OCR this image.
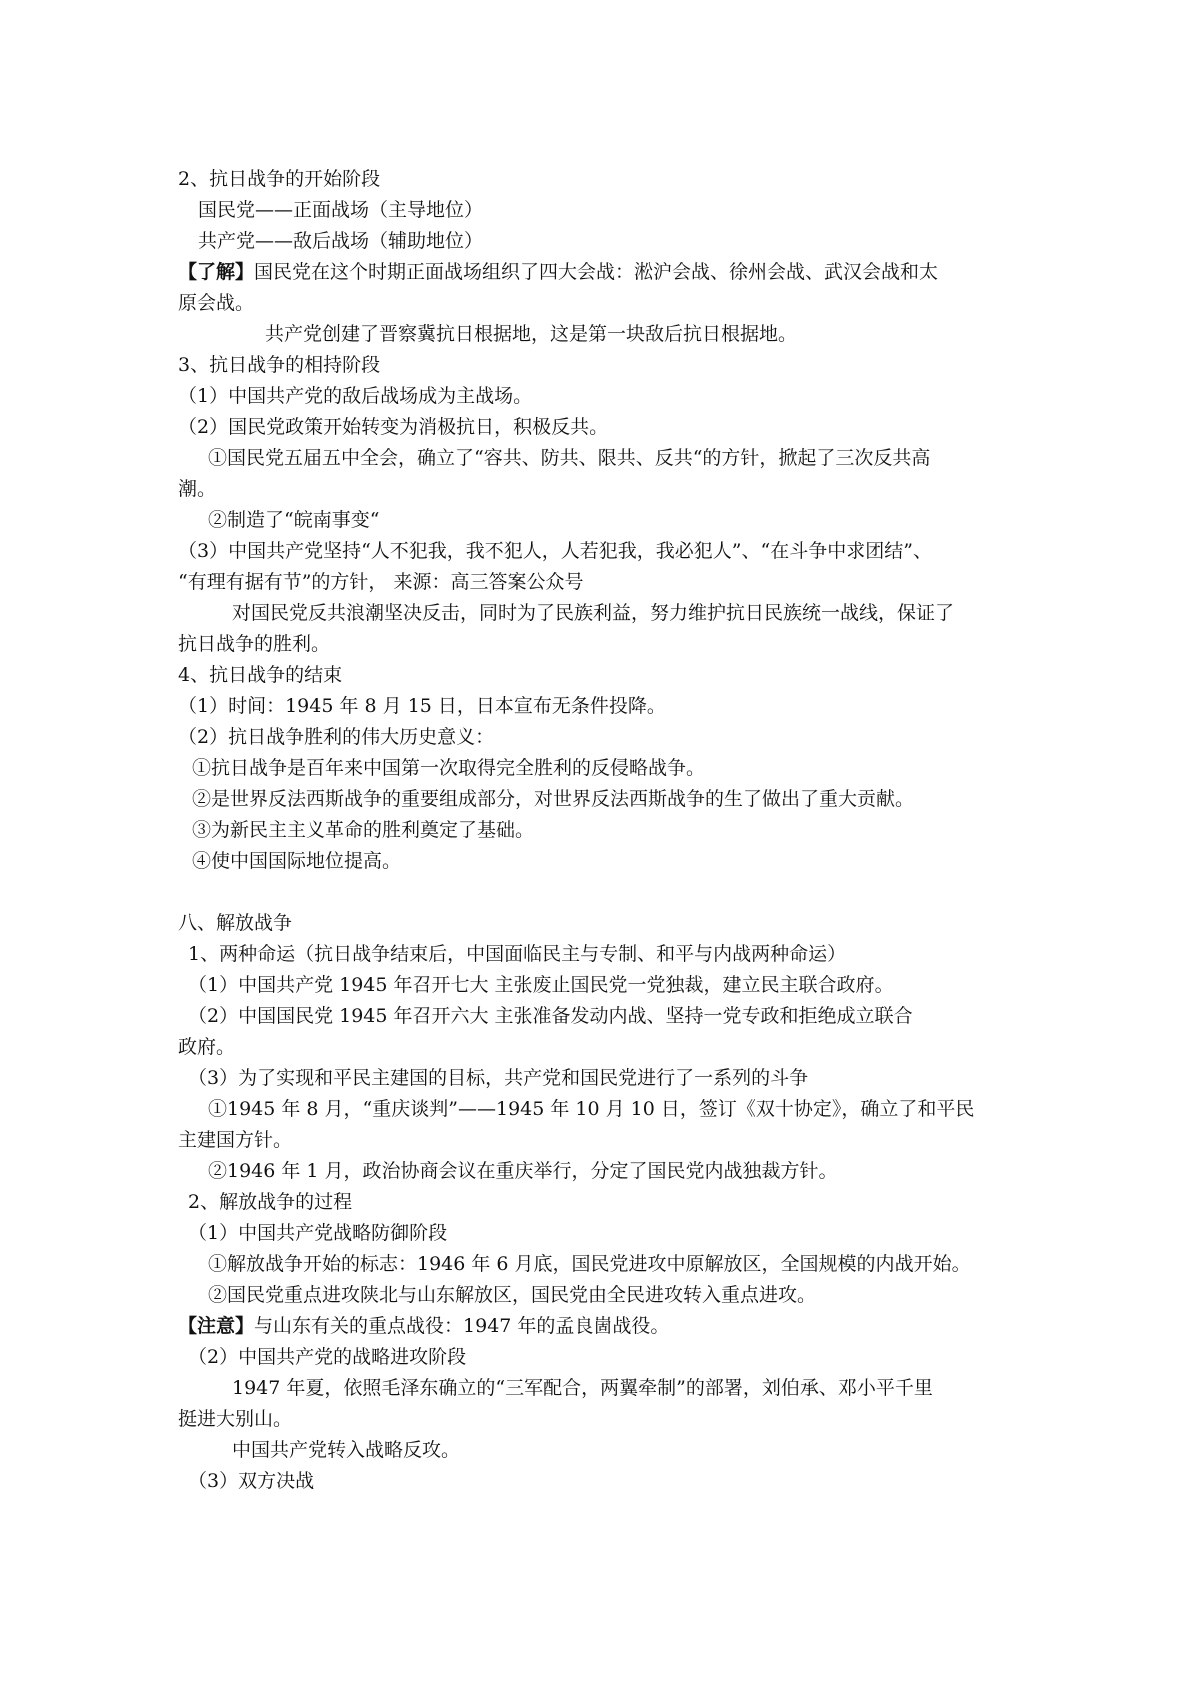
2、抗日战争的开始阶段
国民党——正面战场（主导地位）
共产党——敌后战场（辅助地位）
【了解】国民党在这个时期正面战场组织了四大会战：淞沪会战、徐州会战、武汉会战和太
原会战。
共产党创建了晋察冀抗日根据地，这是第一块敌后抗日根据地。
3、抗日战争的相持阶段
（1）中国共产党的敌后战场成为主战场。
（2）国民党政策开始转变为消极抗日，积极反共。
①国民党五届五中全会，确立了“容共、防共、限共、反共“的方针，掀起了三次反共高
潮。
②制造了“皖南事变“
（3）中国共产党坚持“人不犯我，我不犯人，人若犯我，我必犯人”、“在斗争中求团结”、
“有理有据有节”的方针， 来源：高三答案公众号
对国民党反共浪潮坚决反击，同时为了民族利益，努力维护抗日民族统一战线，保证了
抗日战争的胜利。
4、抗日战争的结束
（1）时间：1945 年 8 月 15 日，日本宣布无条件投降。
（2）抗日战争胜利的伟大历史意义：
①抗日战争是百年来中国第一次取得完全胜利的反侵略战争。
②是世界反法西斯战争的重要组成部分，对世界反法西斯战争的生了做出了重大贡献。
③为新民主主义革命的胜利奠定了基础。
④使中国国际地位提高。
八、解放战争
1、两种命运（抗日战争结束后，中国面临民主与专制、和平与内战两种命运）
（1）中国共产党 1945 年召开七大 主张废止国民党一党独裁，建立民主联合政府。
（2）中国国民党 1945 年召开六大 主张准备发动内战、坚持一党专政和拒绝成立联合
政府。
（3）为了实现和平民主建国的目标，共产党和国民党进行了一系列的斗争
①1945 年 8 月，“重庆谈判”——1945 年 10 月 10 日，签订《双十协定》，确立了和平民
主建国方针。
②1946 年 1 月，政治协商会议在重庆举行，分定了国民党内战独裁方针。
2、解放战争的过程
（1）中国共产党战略防御阶段
①解放战争开始的标志：1946 年 6 月底，国民党进攻中原解放区，全国规模的内战开始。
②国民党重点进攻陕北与山东解放区，国民党由全民进攻转入重点进攻。
【注意】与山东有关的重点战役：1947 年的孟良崮战役。
（2）中国共产党的战略进攻阶段
1947 年夏，依照毛泽东确立的“三军配合，两翼牵制”的部署，刘伯承、邓小平千里
挺进大别山。
中国共产党转入战略反攻。
（3）双方决战
